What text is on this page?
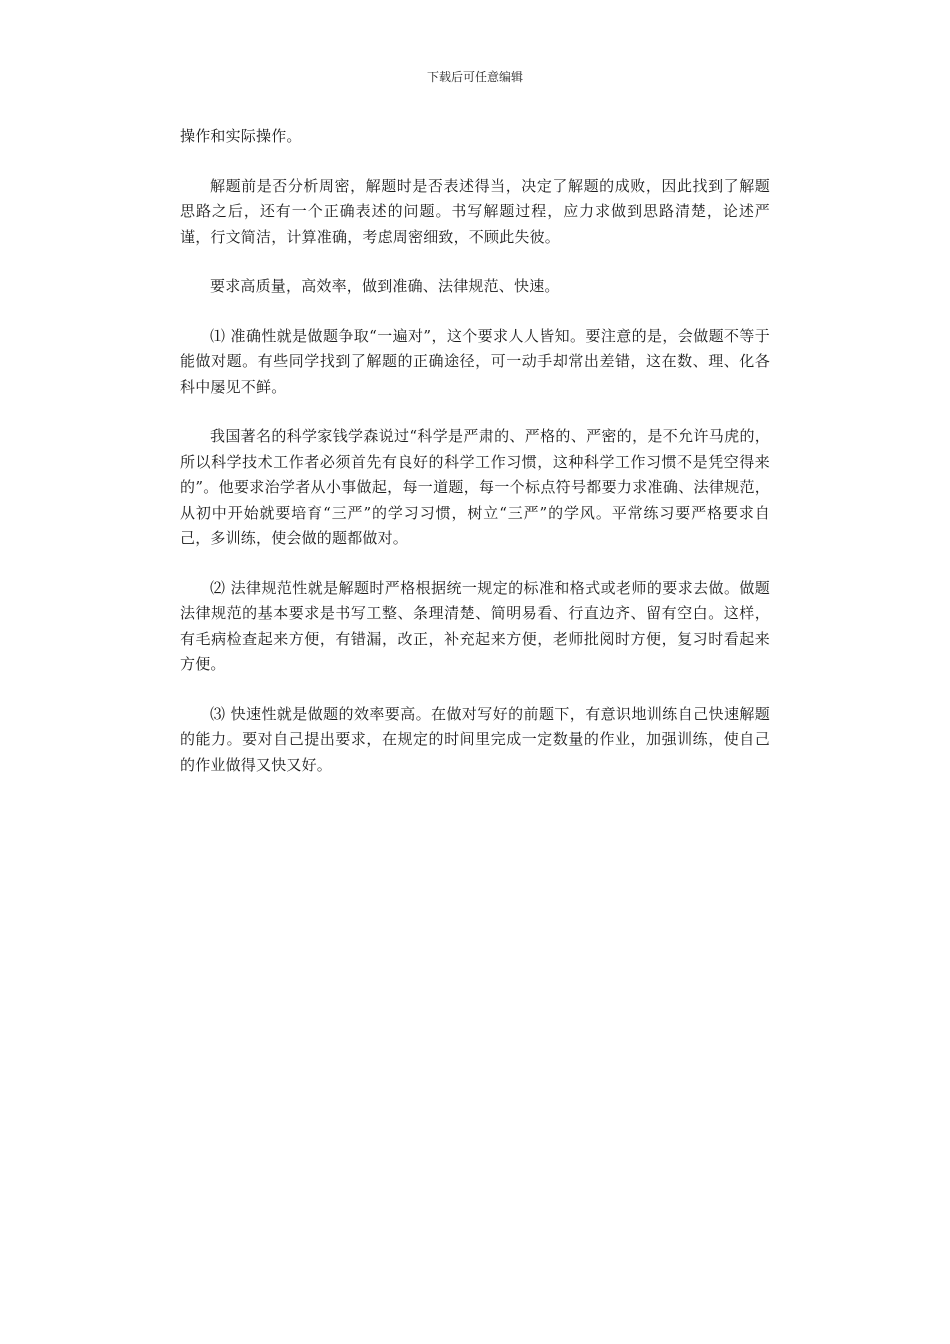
下载后可任意编辑

操作和实际操作。

解题前是否分析周密，解题时是否表述得当，决定了解题的成败，因此找到了解题思路之后，还有一个正确表述的问题。书写解题过程，应力求做到思路清楚，论述严谨，行文简洁，计算准确，考虑周密细致，不顾此失彼。

要求高质量，高效率，做到准确、法律规范、快速。

⑴ 准确性就是做题争取“一遍对”，这个要求人人皆知。要注意的是，会做题不等于能做对题。有些同学找到了解题的正确途径，可一动手却常出差错，这在数、理、化各科中屡见不鲜。

我国著名的科学家钱学森说过“科学是严肃的、严格的、严密的，是不允许马虎的，所以科学技术工作者必须首先有良好的科学工作习惯，这种科学工作习惯不是凭空得来的”。他要求治学者从小事做起，每一道题，每一个标点符号都要力求准确、法律规范，从初中开始就要培育“三严”的学习习惯，树立“三严”的学风。平常练习要严格要求自己，多训练，使会做的题都做对。

⑵ 法律规范性就是解题时严格根据统一规定的标准和格式或老师的要求去做。做题法律规范的基本要求是书写工整、条理清楚、简明易看、行直边齐、留有空白。这样，有毛病检查起来方便，有错漏，改正，补充起来方便，老师批阅时方便，复习时看起来方便。

⑶ 快速性就是做题的效率要高。在做对写好的前题下，有意识地训练自己快速解题的能力。要对自己提出要求，在规定的时间里完成一定数量的作业，加强训练，使自己的作业做得又快又好。
